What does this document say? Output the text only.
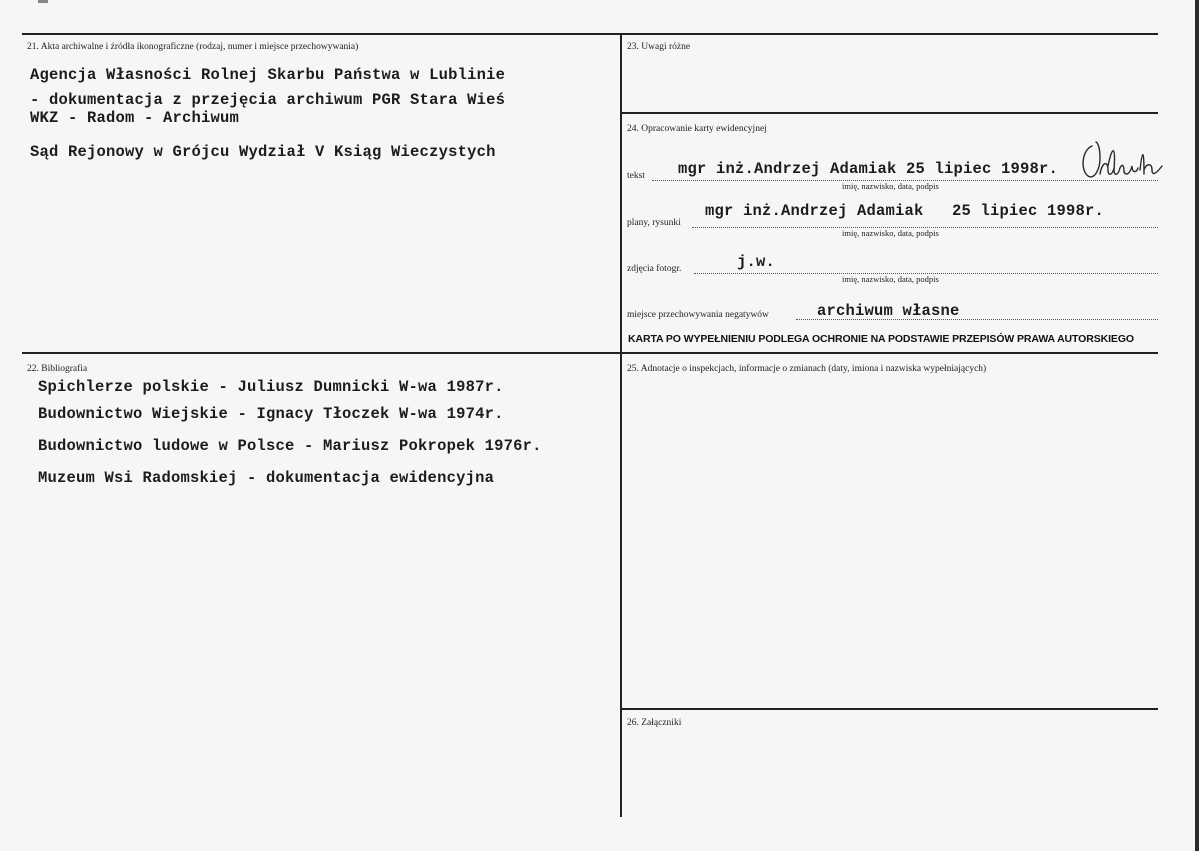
21. Akta archiwalne i źródła ikonograficzne (rodzaj, numer i miejsce przechowywania)
Agencja Własności Rolnej Skarbu Państwa w Lublinie
- dokumentacja z przejęcia archiwum PGR Stara Wieś
WKZ - Radom - Archiwum
Sąd Rejonowy w Grójcu Wydział V Ksiąg Wieczystych
22. Bibliografia
Spichlerze polskie - Juliusz Dumnicki W-wa 1987r.
Budownictwo Wiejskie - Ignacy Tłoczek W-wa 1974r.
Budownictwo ludowe w Polsce - Mariusz Pokropek 1976r.
Muzeum Wsi Radomskiej - dokumentacja ewidencyjna
23. Uwagi różne
24. Opracowanie karty ewidencyjnej
tekst mgr inż.Andrzej Adamiak 25 lipiec 1998r.
imię, nazwisko, data, podpis
plany, rysunki
mgr inż.Andrzej Adamiak   25 lipiec 1998r.
imię, nazwisko, data, podpis
zdjęcia fotogr.	j.w.
imię, nazwisko, data, podpis
miejsce przechowywania negatywów	archiwum własne
KARTA PO WYPEŁNIENIU PODLEGA OCHRONIE NA PODSTAWIE PRZEPISÓW PRAWA AUTORSKIEGO
25. Adnotacje o inspekcjach, informacje o zmianach (daty, imiona i nazwiska wypełniających)
26. Załączniki
